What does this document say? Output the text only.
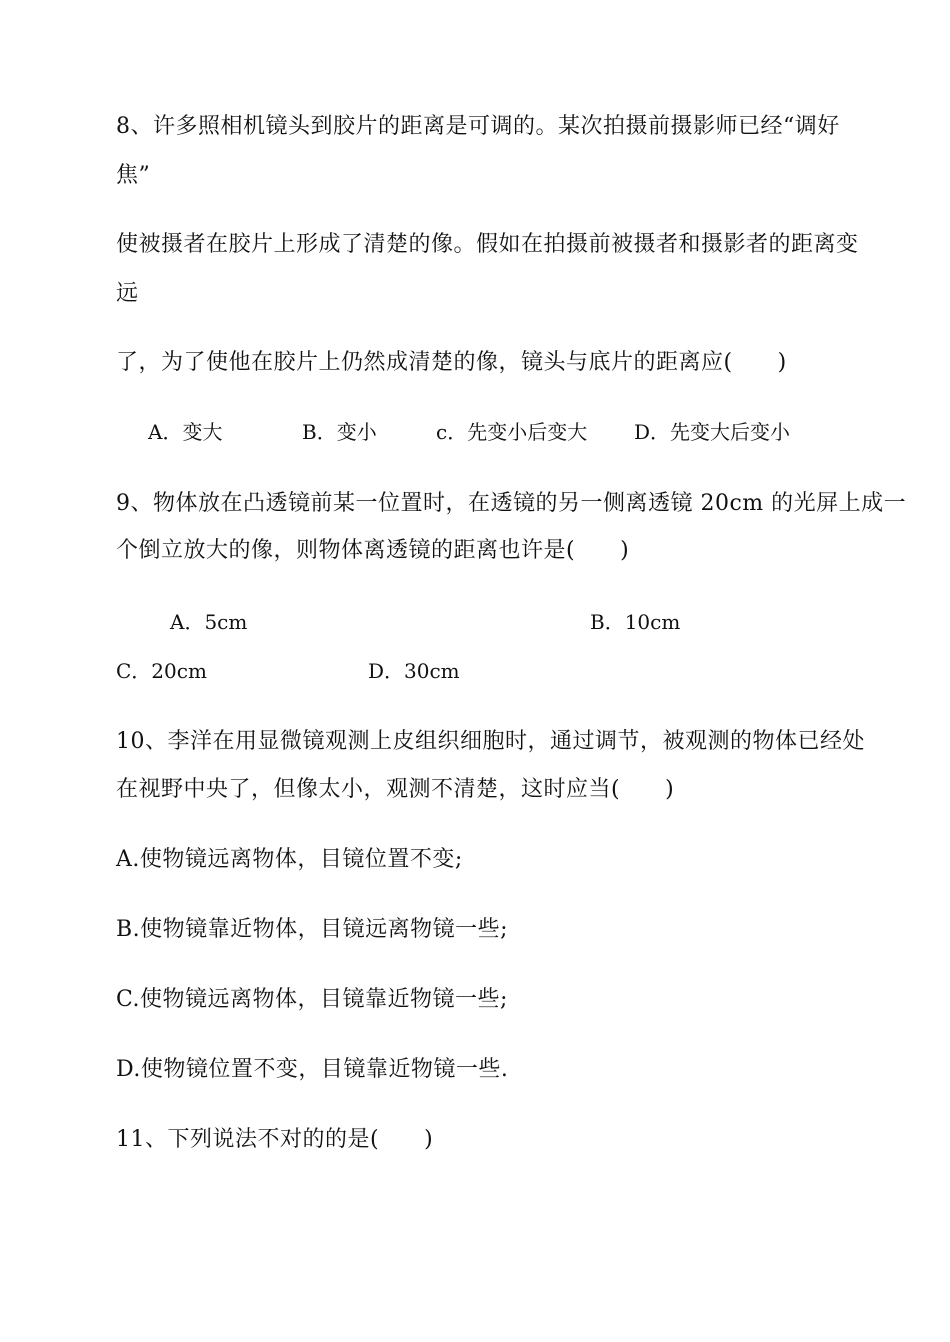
8、许多照相机镜头到胶片的距离是可调的。某次拍摄前摄影师已经“调好
焦”
使被摄者在胶片上形成了清楚的像。假如在拍摄前被摄者和摄影者的距离变
远
了，为了使他在胶片上仍然成清楚的像，镜头与底片的距离应(　　)
A．变大	B．变小	c．先变小后变大 D．先变大后变小
9、物体放在凸透镜前某一位置时，在透镜的另一侧离透镜 20cm 的光屏上成一
个倒立放大的像，则物体离透镜的距离也许是(　　)
A．5cm	B．10cm
C．20cm	D．30cm
10、李洋在用显微镜观测上皮组织细胞时，通过调节，被观测的物体已经处
在视野中央了，但像太小，观测不清楚，这时应当(　　)
A.使物镜远离物体，目镜位置不变;
B.使物镜靠近物体，目镜远离物镜一些;
C.使物镜远离物体，目镜靠近物镜一些;
D.使物镜位置不变，目镜靠近物镜一些.
11、下列说法不对的的是(　　)
